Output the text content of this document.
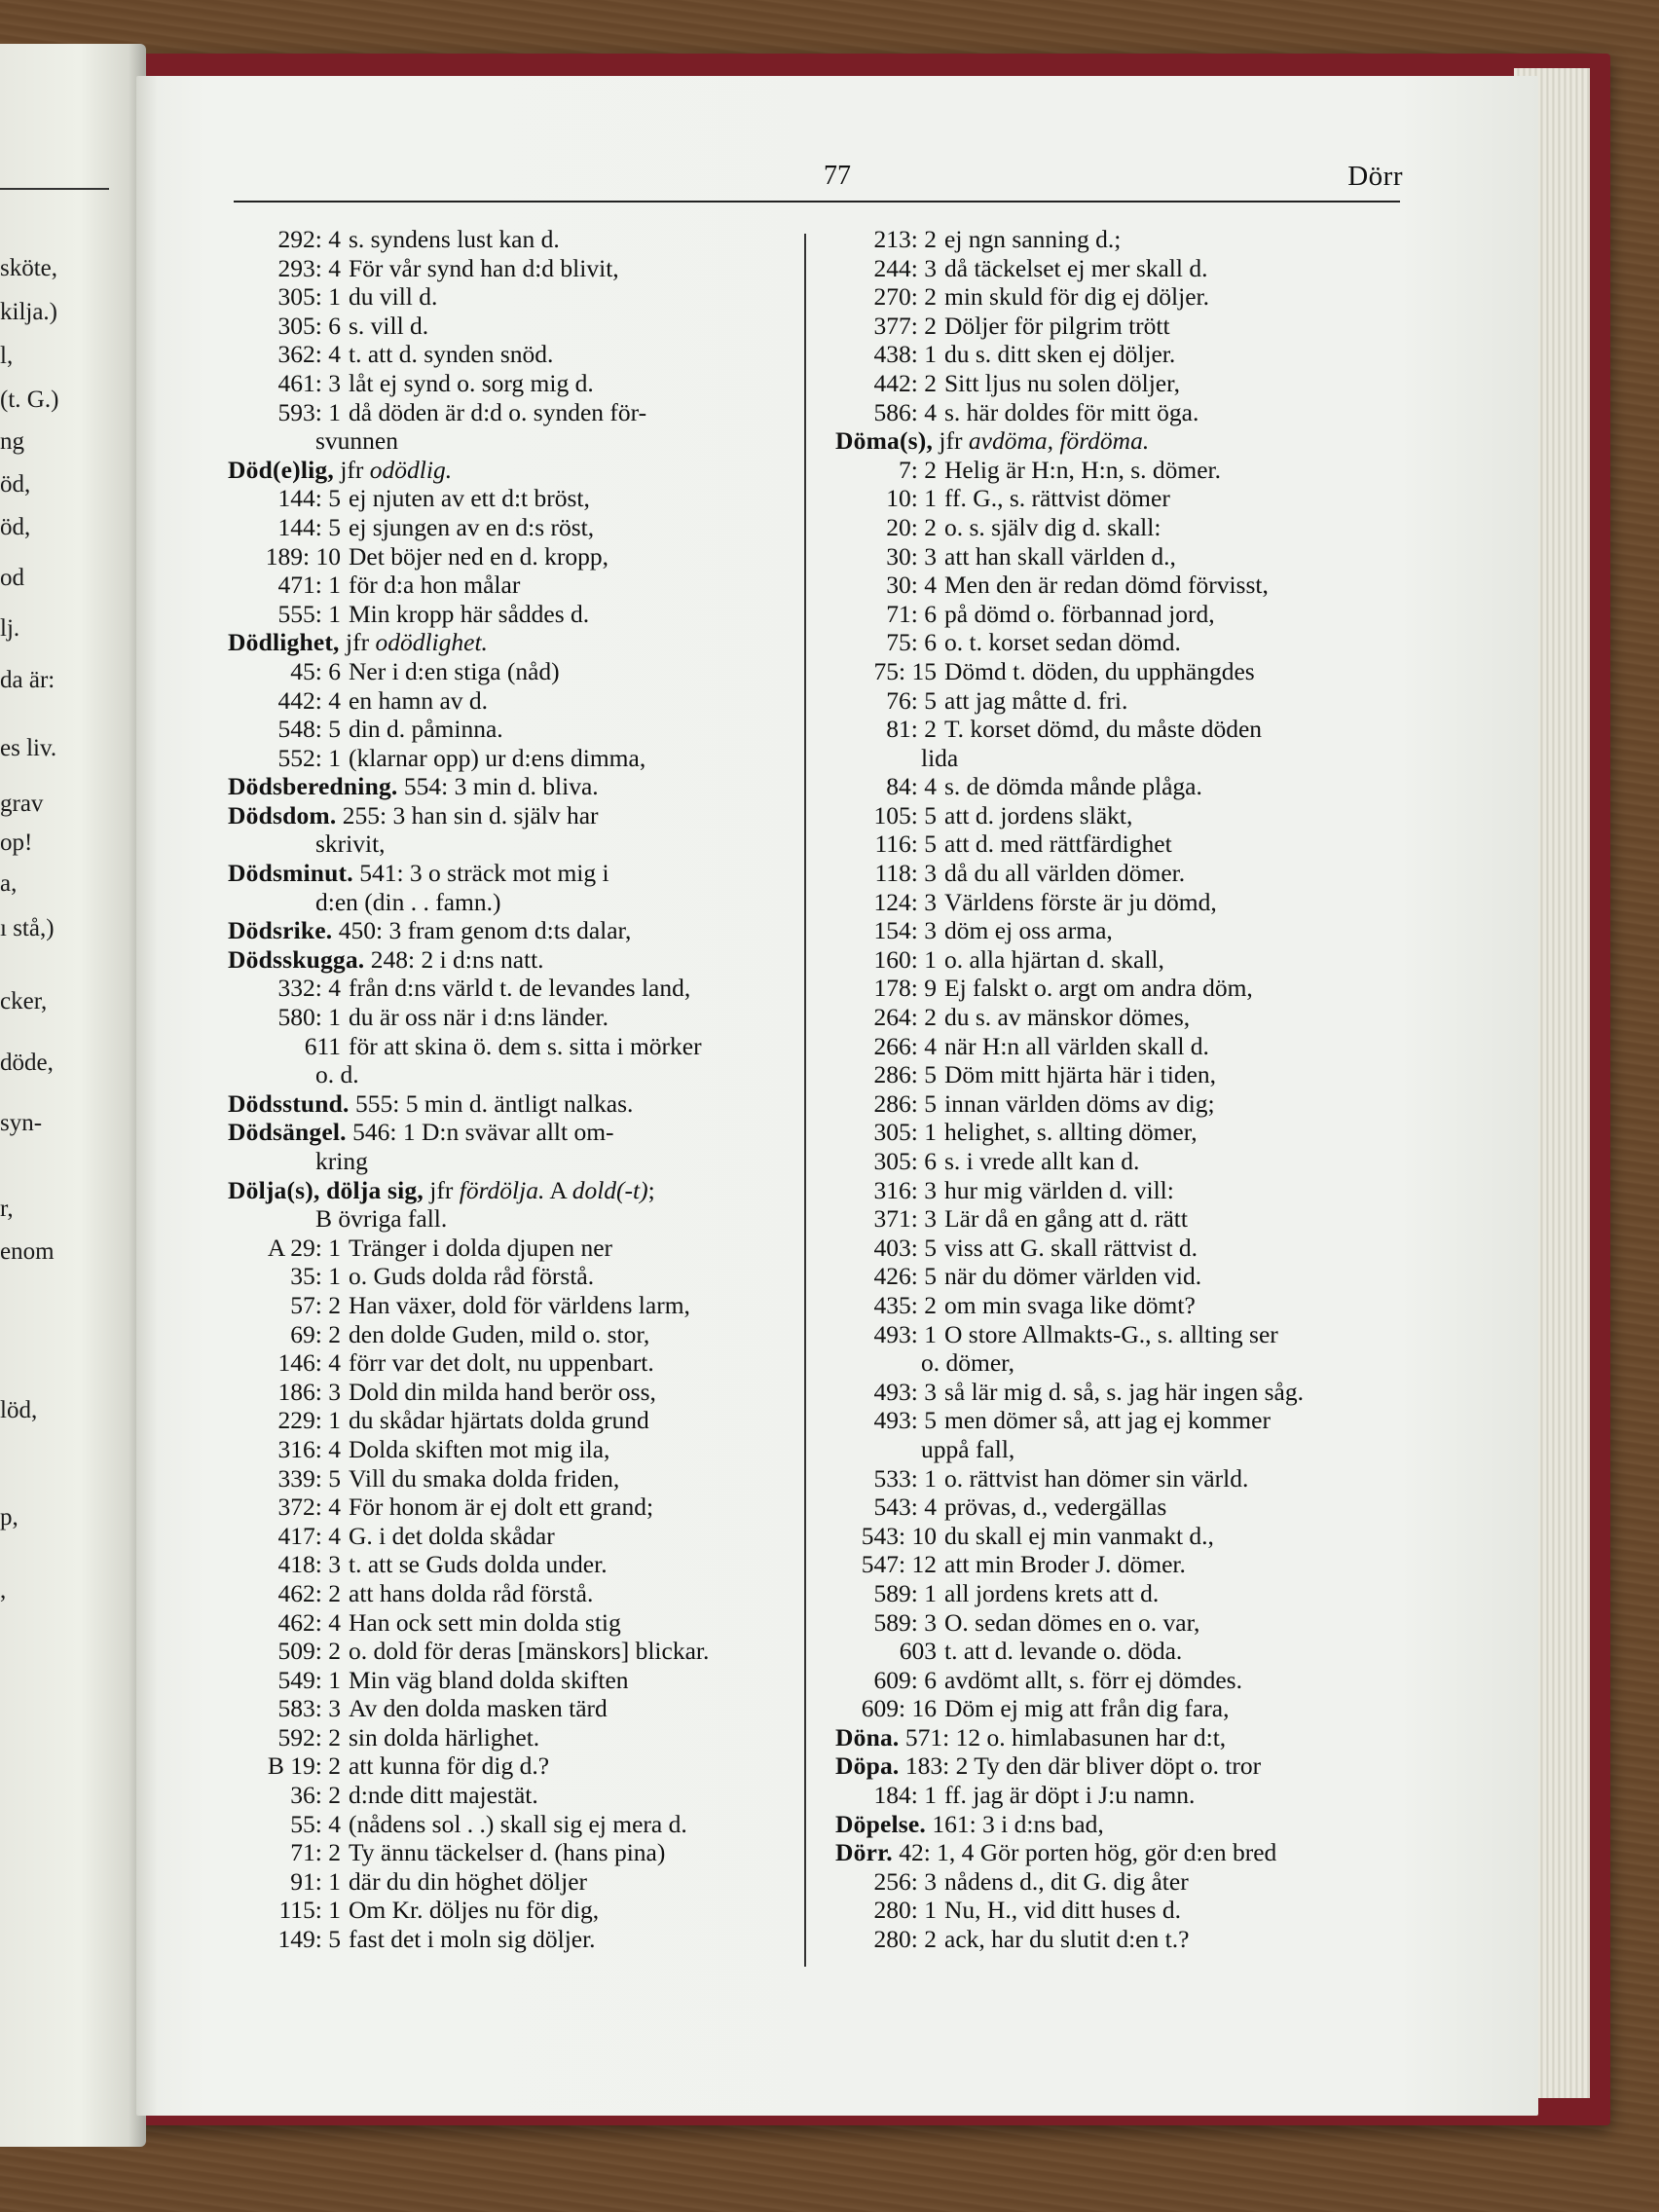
sköte,
kilja.)
l,
(t. G.)
ng
öd,
öd,
od
lj.
da är:
es liv.
grav
op!
a,
ı stå,)
cker,
döde,
syn-
r,
enom
löd,
p,
,
77	Dörr
292: 4 s. syndens lust kan d.
293: 4 För vår synd han d:d blivit,
305: 1 du vill d.
305: 6 s. vill d.
362: 4 t. att d. synden snöd.
461: 3 låt ej synd o. sorg mig d.
593: 1 då döden är d:d o. synden för-
svunnen
Död(e)lig, jfr odödlig.
144: 5 ej njuten av ett d:t bröst,
144: 5 ej sjungen av en d:s röst,
189: 10 Det böjer ned en d. kropp,
471: 1 för d:a hon målar
555: 1 Min kropp här såddes d.
Dödlighet, jfr odödlighet.
45: 6 Ner i d:en stiga (nåd)
442: 4 en hamn av d.
548: 5 din d. påminna.
552: 1 (klarnar opp) ur d:ens dimma,
Dödsberedning. 554: 3 min d. bliva.
Dödsdom. 255: 3 han sin d. själv har
skrivit,
Dödsminut. 541: 3 o sträck mot mig i
d:en (din . . famn.)
Dödsrike. 450: 3 fram genom d:ts dalar,
Dödsskugga. 248: 2 i d:ns natt.
332: 4 från d:ns värld t. de levandes land,
580: 1 du är oss när i d:ns länder.
611 för att skina ö. dem s. sitta i mörker
o. d.
Dödsstund. 555: 5 min d. äntligt nalkas.
Dödsängel. 546: 1 D:n svävar allt om-
kring
Dölja(s), dölja sig, jfr fördölja. A dold(-t);
B övriga fall.
A 29: 1 Tränger i dolda djupen ner
35: 1 o. Guds dolda råd förstå.
57: 2 Han växer, dold för världens larm,
69: 2 den dolde Guden, mild o. stor,
146: 4 förr var det dolt, nu uppenbart.
186: 3 Dold din milda hand berör oss,
229: 1 du skådar hjärtats dolda grund
316: 4 Dolda skiften mot mig ila,
339: 5 Vill du smaka dolda friden,
372: 4 För honom är ej dolt ett grand;
417: 4 G. i det dolda skådar
418: 3 t. att se Guds dolda under.
462: 2 att hans dolda råd förstå.
462: 4 Han ock sett min dolda stig
509: 2 o. dold för deras [mänskors] blickar.
549: 1 Min väg bland dolda skiften
583: 3 Av den dolda masken tärd
592: 2 sin dolda härlighet.
B 19: 2 att kunna för dig d.?
36: 2 d:nde ditt majestät.
55: 4 (nådens sol . .) skall sig ej mera d.
71: 2 Ty ännu täckelser d. (hans pina)
91: 1 där du din höghet döljer
115: 1 Om Kr. döljes nu för dig,
149: 5 fast det i moln sig döljer.
213: 2 ej ngn sanning d.;
244: 3 då täckelset ej mer skall d.
270: 2 min skuld för dig ej döljer.
377: 2 Döljer för pilgrim trött
438: 1 du s. ditt sken ej döljer.
442: 2 Sitt ljus nu solen döljer,
586: 4 s. här doldes för mitt öga.
Döma(s), jfr avdöma, fördöma.
7: 2 Helig är H:n, H:n, s. dömer.
10: 1 ff. G., s. rättvist dömer
20: 2 o. s. själv dig d. skall:
30: 3 att han skall världen d.,
30: 4 Men den är redan dömd förvisst,
71: 6 på dömd o. förbannad jord,
75: 6 o. t. korset sedan dömd.
75: 15 Dömd t. döden, du upphängdes
76: 5 att jag måtte d. fri.
81: 2 T. korset dömd, du måste döden
lida
84: 4 s. de dömda månde plåga.
105: 5 att d. jordens släkt,
116: 5 att d. med rättfärdighet
118: 3 då du all världen dömer.
124: 3 Världens förste är ju dömd,
154: 3 döm ej oss arma,
160: 1 o. alla hjärtan d. skall,
178: 9 Ej falskt o. argt om andra döm,
264: 2 du s. av mänskor dömes,
266: 4 när H:n all världen skall d.
286: 5 Döm mitt hjärta här i tiden,
286: 5 innan världen döms av dig;
305: 1 helighet, s. allting dömer,
305: 6 s. i vrede allt kan d.
316: 3 hur mig världen d. vill:
371: 3 Lär då en gång att d. rätt
403: 5 viss att G. skall rättvist d.
426: 5 när du dömer världen vid.
435: 2 om min svaga like dömt?
493: 1 O store Allmakts-G., s. allting ser
o. dömer,
493: 3 så lär mig d. så, s. jag här ingen såg.
493: 5 men dömer så, att jag ej kommer
uppå fall,
533: 1 o. rättvist han dömer sin värld.
543: 4 prövas, d., vedergällas
543: 10 du skall ej min vanmakt d.,
547: 12 att min Broder J. dömer.
589: 1 all jordens krets att d.
589: 3 O. sedan dömes en o. var,
603 t. att d. levande o. döda.
609: 6 avdömt allt, s. förr ej dömdes.
609: 16 Döm ej mig att från dig fara,
Döna. 571: 12 o. himlabasunen har d:t,
Döpa. 183: 2 Ty den där bliver döpt o. tror
184: 1 ff. jag är döpt i J:u namn.
Döpelse. 161: 3 i d:ns bad,
Dörr. 42: 1, 4 Gör porten hög, gör d:en bred
256: 3 nådens d., dit G. dig åter
280: 1 Nu, H., vid ditt huses d.
280: 2 ack, har du slutit d:en t.?
